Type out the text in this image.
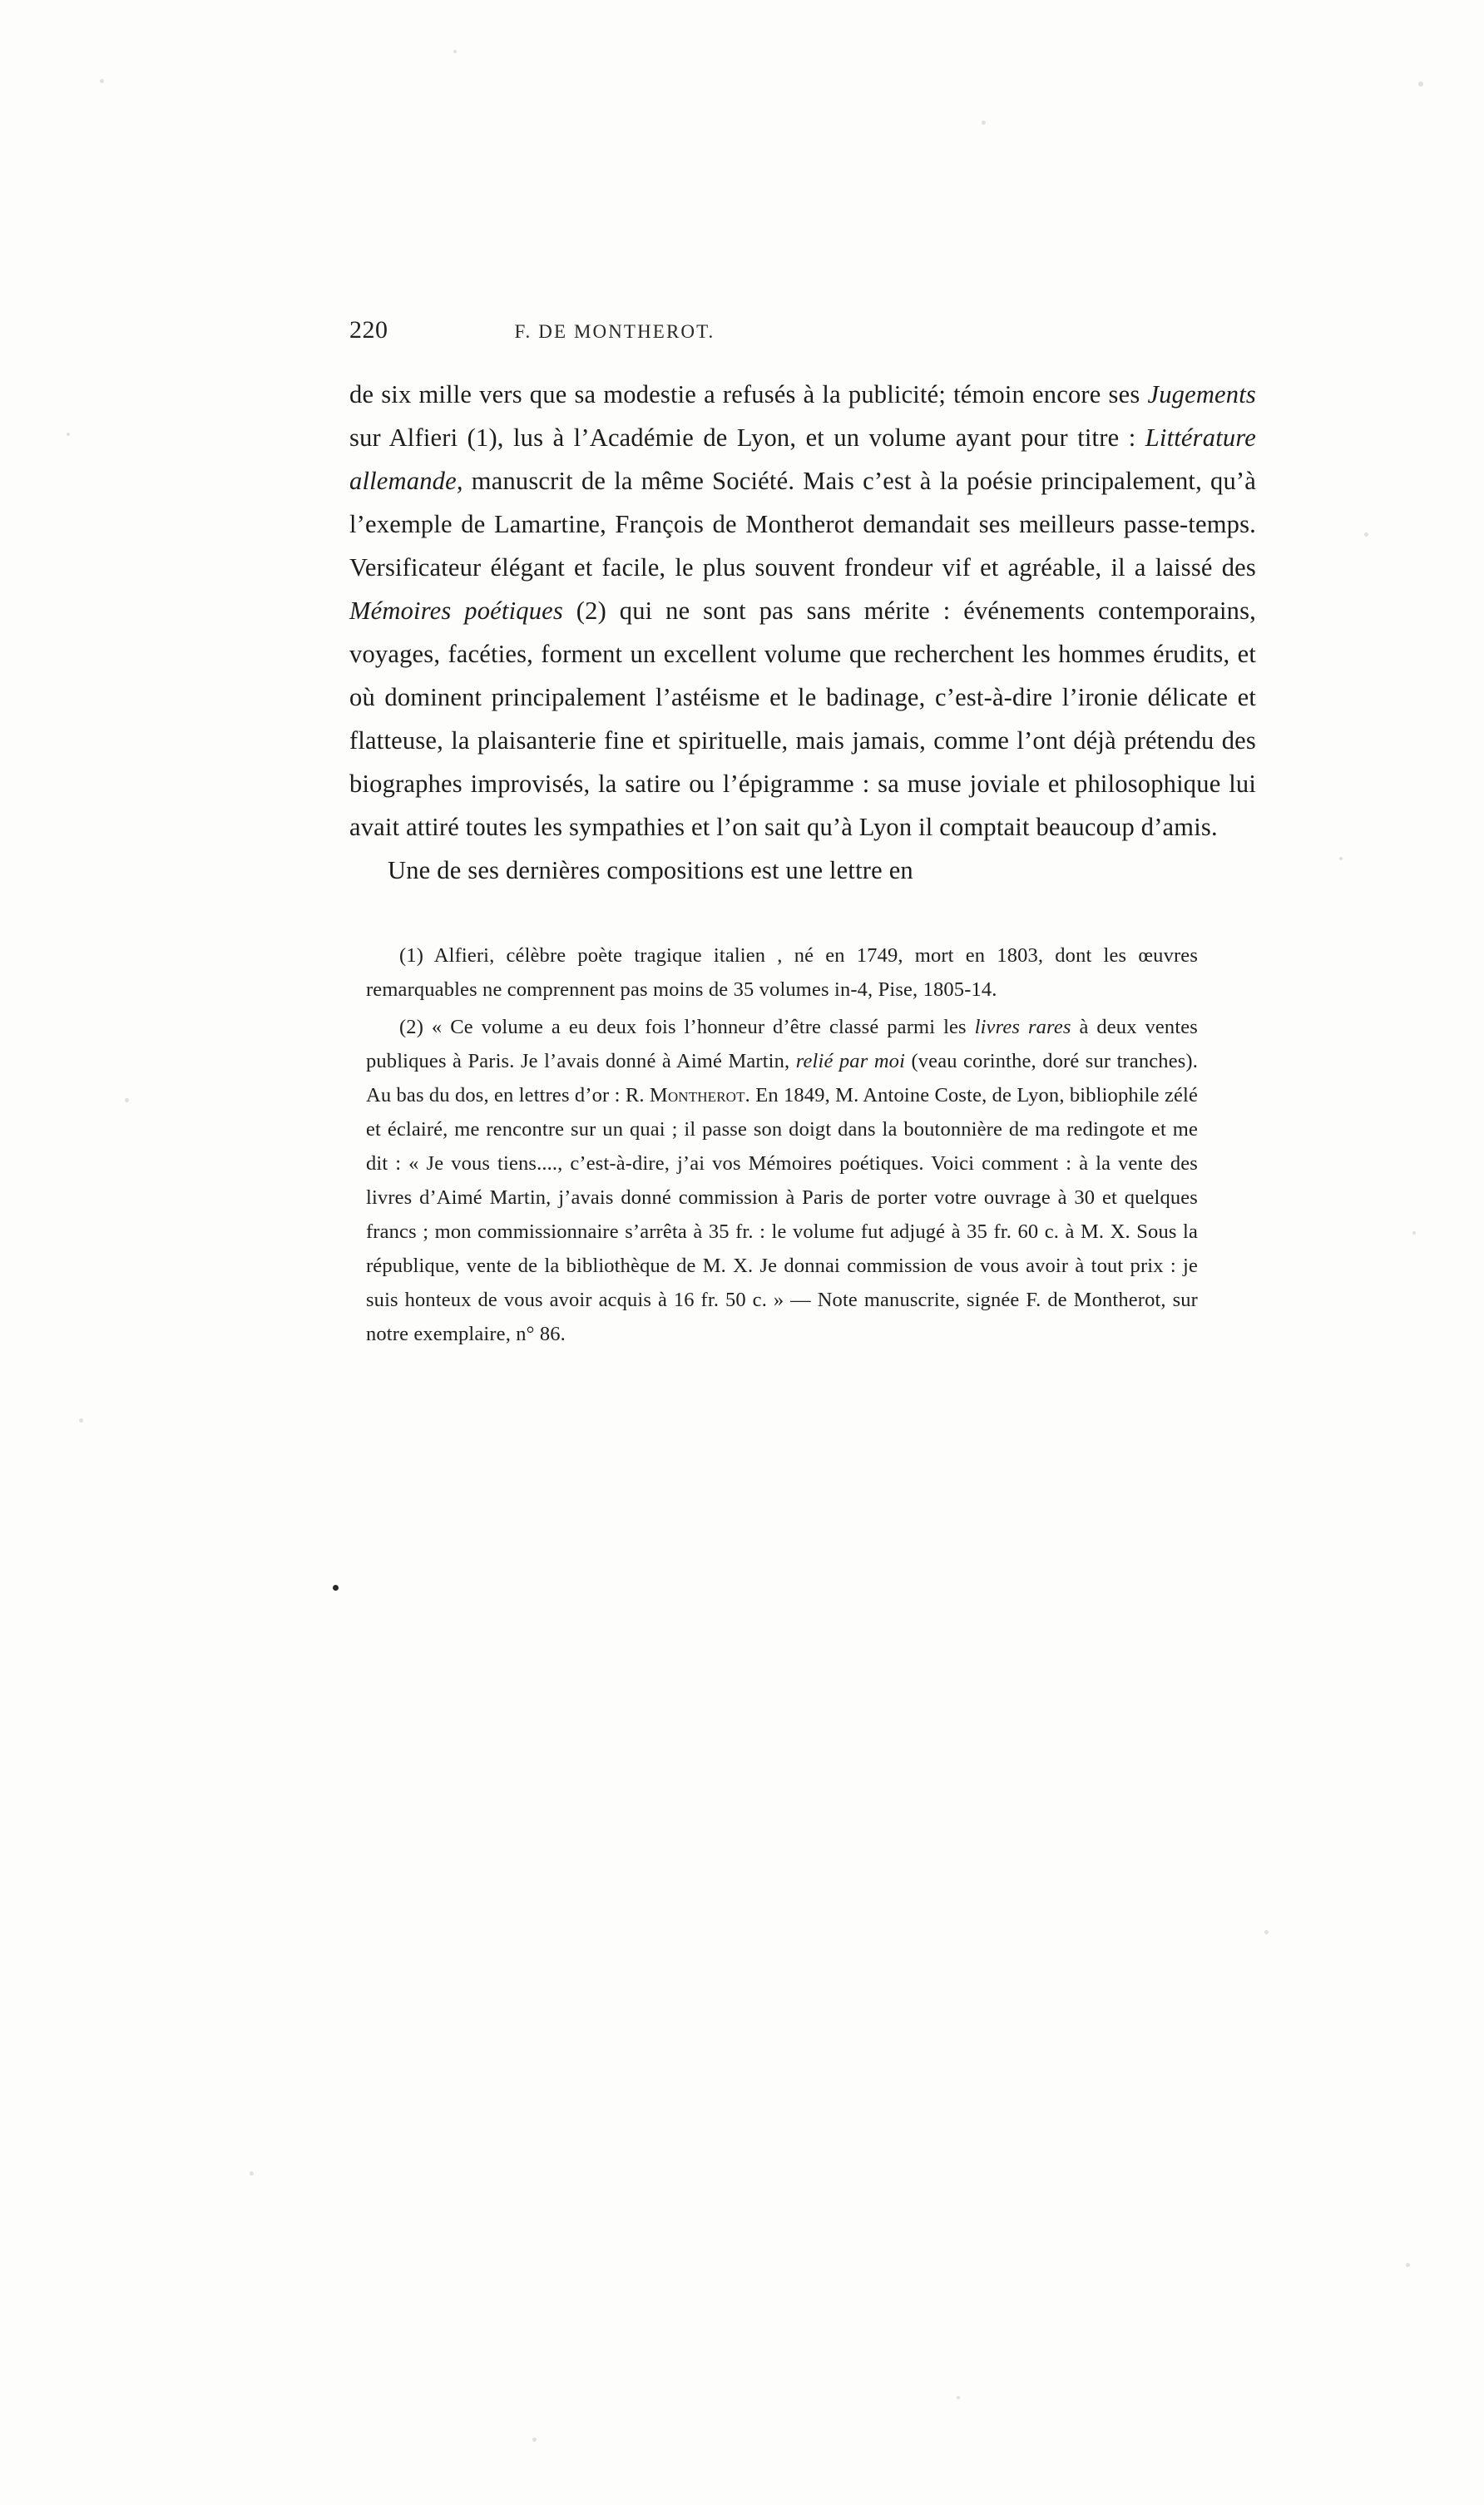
220	F. DE MONTHEROT.

de six mille vers que sa modestie a refusés à la publicité; témoin encore ses Jugements sur Alfieri (1), lus à l’Académie de Lyon, et un volume ayant pour titre : Littérature allemande, manuscrit de la même Société. Mais c’est à la poésie principalement, qu’à l’exemple de Lamartine, François de Montherot demandait ses meilleurs passe-temps. Versificateur élégant et facile, le plus souvent frondeur vif et agréable, il a laissé des Mémoires poétiques (2) qui ne sont pas sans mérite : événements contemporains, voyages, facéties, forment un excellent volume que recherchent les hommes érudits, et où dominent principalement l’astéisme et le badinage, c’est-à-dire l’ironie délicate et flatteuse, la plaisanterie fine et spirituelle, mais jamais, comme l’ont déjà prétendu des biographes improvisés, la satire ou l’épigramme : sa muse joviale et philosophique lui avait attiré toutes les sympathies et l’on sait qu’à Lyon il comptait beaucoup d’amis.

Une de ses dernières compositions est une lettre en

(1) Alfieri, célèbre poète tragique italien , né en 1749, mort en 1803, dont les œuvres remarquables ne comprennent pas moins de 35 volumes in-4, Pise, 1805-14.

(2) « Ce volume a eu deux fois l’honneur d’être classé parmi les livres rares à deux ventes publiques à Paris. Je l’avais donné à Aimé Martin, relié par moi (veau corinthe, doré sur tranches). Au bas du dos, en lettres d’or : R. Montherot. En 1849, M. Antoine Coste, de Lyon, bibliophile zélé et éclairé, me rencontre sur un quai ; il passe son doigt dans la boutonnière de ma redingote et me dit : « Je vous tiens...., c’est-à-dire, j’ai vos Mémoires poétiques. Voici comment : à la vente des livres d’Aimé Martin, j’avais donné commission à Paris de porter votre ouvrage à 30 et quelques francs ; mon commissionnaire s’arrêta à 35 fr. : le volume fut adjugé à 35 fr. 60 c. à M. X. Sous la république, vente de la bibliothèque de M. X. Je donnai commission de vous avoir à tout prix : je suis honteux de vous avoir acquis à 16 fr. 50 c. » — Note manuscrite, signée F. de Montherot, sur notre exemplaire, n° 86.
